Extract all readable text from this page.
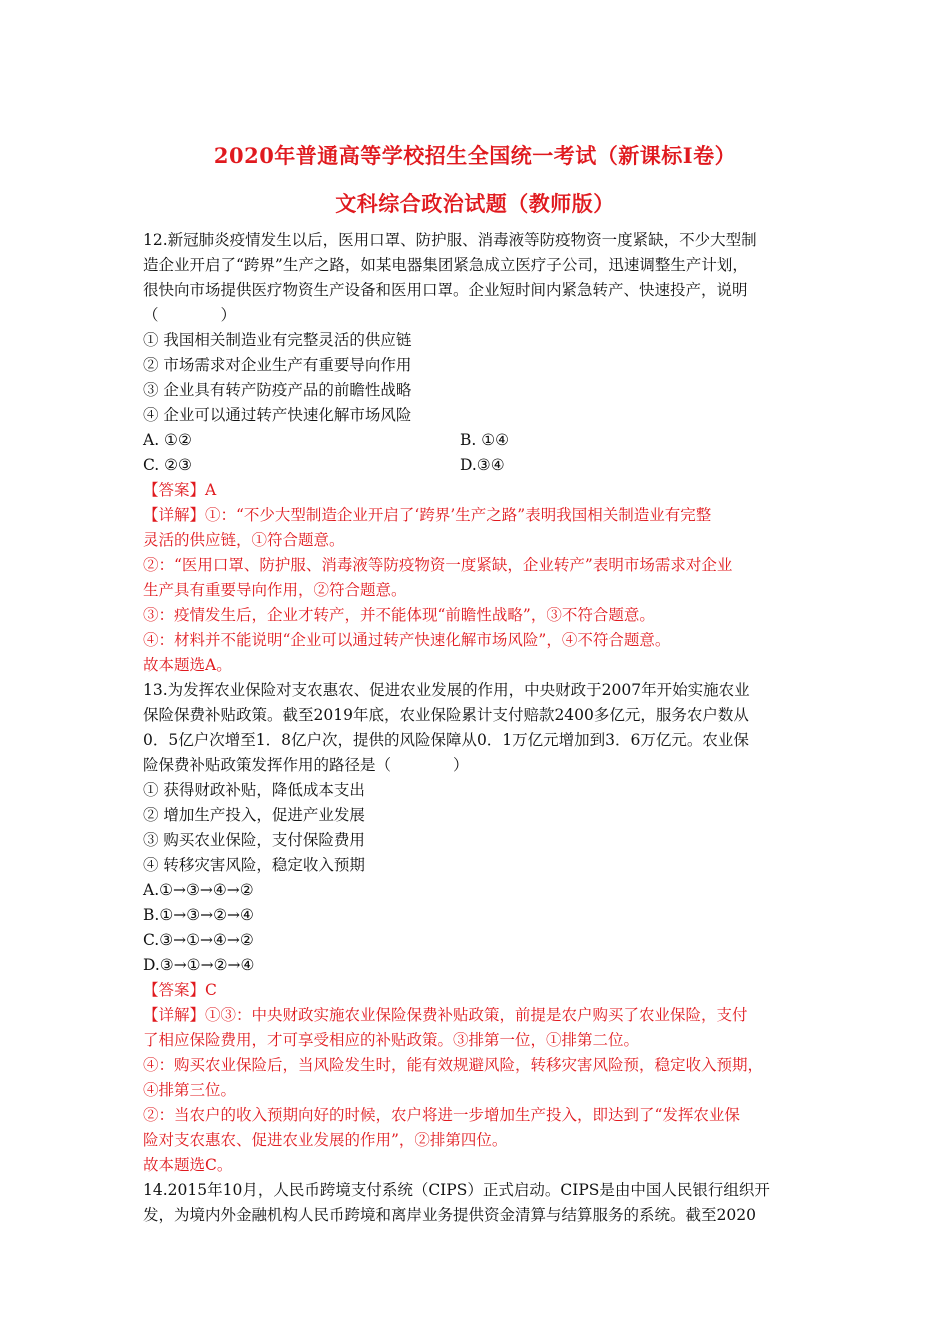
2020年普通高等学校招生全国统一考试（新课标Ⅰ卷）
文科综合政治试题（教师版）
12.新冠肺炎疫情发生以后，医用口罩、防护服、消毒液等防疫物资一度紧缺，不少大型制
造企业开启了“跨界”生产之路，如某电器集团紧急成立医疗子公司，迅速调整生产计划，
很快向市场提供医疗物资生产设备和医用口罩。企业短时间内紧急转产、快速投产，说明
（　　　　）
① 我国相关制造业有完整灵活的供应链
② 市场需求对企业生产有重要导向作用
③ 企业具有转产防疫产品的前瞻性战略
④ 企业可以通过转产快速化解市场风险
A. ①②	B. ①④
C. ②③	D.③④
【答案】A
【详解】①：“不少大型制造企业开启了‘跨界’生产之路”表明我国相关制造业有完整
灵活的供应链，①符合题意。
②：“医用口罩、防护服、消毒液等防疫物资一度紧缺，企业转产”表明市场需求对企业
生产具有重要导向作用，②符合题意。
③：疫情发生后，企业才转产，并不能体现“前瞻性战略”，③不符合题意。
④：材料并不能说明“企业可以通过转产快速化解市场风险”，④不符合题意。
故本题选A。
13.为发挥农业保险对支农惠农、促进农业发展的作用，中央财政于2007年开始实施农业
保险保费补贴政策。截至2019年底，农业保险累计支付赔款2400多亿元，服务农户数从
0．5亿户次增至1．8亿户次，提供的风险保障从0．1万亿元增加到3．6万亿元。农业保
险保费补贴政策发挥作用的路径是（　　　　）
① 获得财政补贴，降低成本支出
② 增加生产投入，促进产业发展
③ 购买农业保险，支付保险费用
④ 转移灾害风险，稳定收入预期
A.①→③→④→②
B.①→③→②→④
C.③→①→④→②
D.③→①→②→④
【答案】C
【详解】①③：中央财政实施农业保险保费补贴政策，前提是农户购买了农业保险，支付
了相应保险费用，才可享受相应的补贴政策。③排第一位，①排第二位。
④：购买农业保险后，当风险发生时，能有效规避风险，转移灾害风险预，稳定收入预期，
④排第三位。
②：当农户的收入预期向好的时候，农户将进一步增加生产投入，即达到了“发挥农业保
险对支农惠农、促进农业发展的作用”，②排第四位。
故本题选C。
14.2015年10月，人民币跨境支付系统（CIPS）正式启动。CIPS是由中国人民银行组织开
发，为境内外金融机构人民币跨境和离岸业务提供资金清算与结算服务的系统。截至2020
